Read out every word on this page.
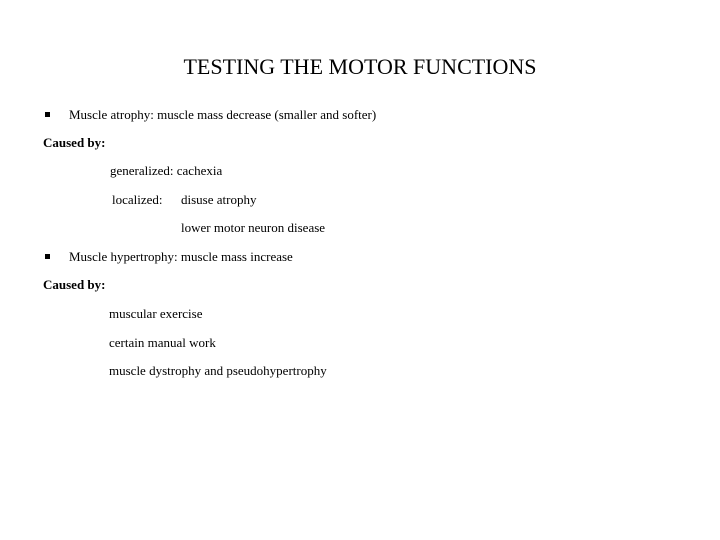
TESTING THE MOTOR FUNCTIONS
Muscle atrophy: muscle mass decrease (smaller and softer)
Caused by:
generalized: cachexia
localized: disuse atrophy
lower motor neuron disease
Muscle hypertrophy: muscle mass increase
Caused by:
muscular exercise
certain manual work
muscle dystrophy and pseudohypertrophy
